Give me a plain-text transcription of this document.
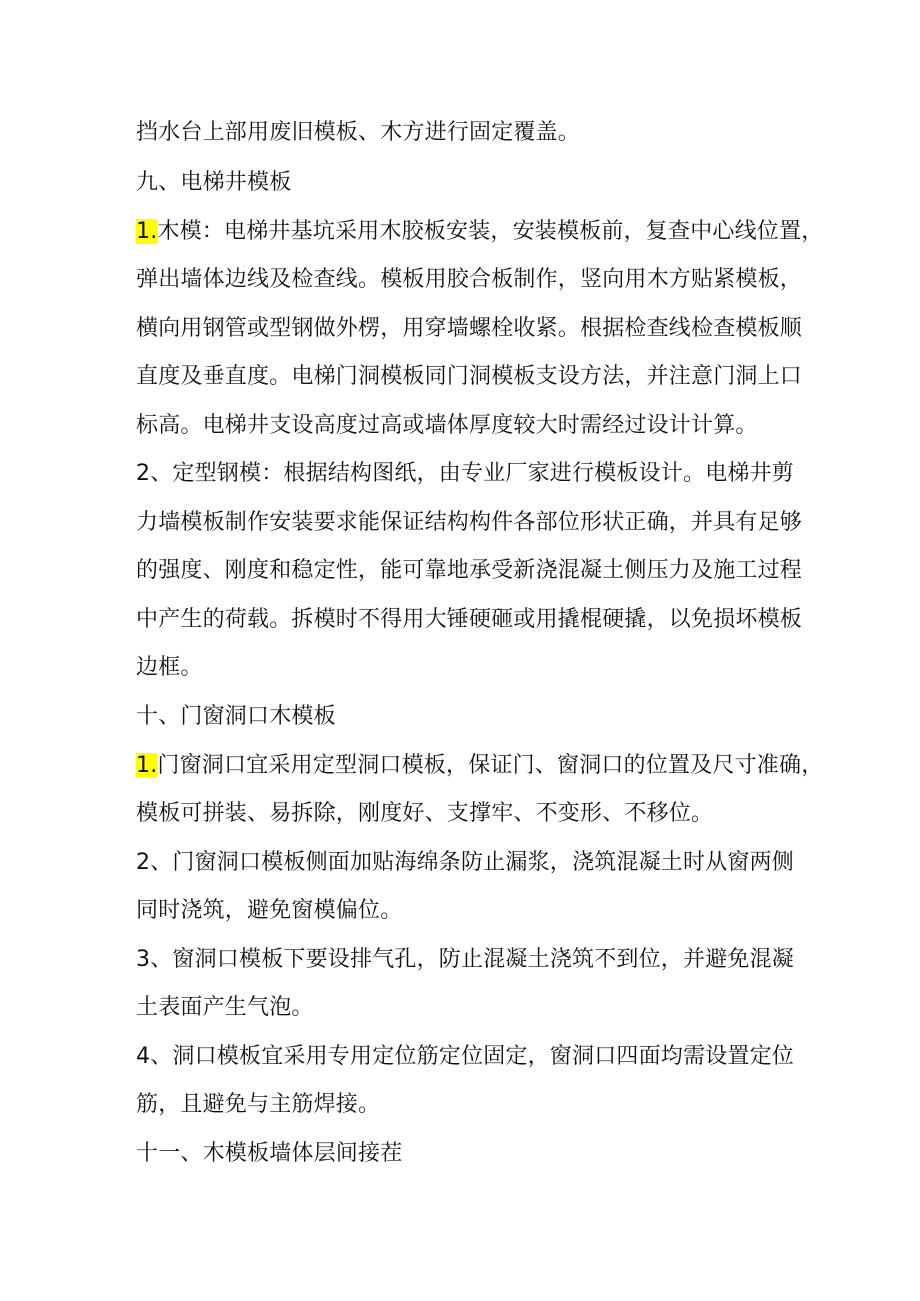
挡水台上部用废旧模板、木方进行固定覆盖。
九、电梯井模板
1.木模：电梯井基坑采用木胶板安装，安装模板前，复查中心线位置，
弹出墙体边线及检查线。模板用胶合板制作，竖向用木方贴紧模板，
横向用钢管或型钢做外楞，用穿墙螺栓收紧。根据检查线检查模板顺
直度及垂直度。电梯门洞模板同门洞模板支设方法，并注意门洞上口
标高。电梯井支设高度过高或墙体厚度较大时需经过设计计算。
2、定型钢模：根据结构图纸，由专业厂家进行模板设计。电梯井剪
力墙模板制作安装要求能保证结构构件各部位形状正确，并具有足够
的强度、刚度和稳定性，能可靠地承受新浇混凝土侧压力及施工过程
中产生的荷载。拆模时不得用大锤硬砸或用撬棍硬撬，以免损坏模板
边框。
十、门窗洞口木模板
1.门窗洞口宜采用定型洞口模板，保证门、窗洞口的位置及尺寸准确，
模板可拼装、易拆除，刚度好、支撑牢、不变形、不移位。
2、门窗洞口模板侧面加贴海绵条防止漏浆，浇筑混凝土时从窗两侧
同时浇筑，避免窗模偏位。
3、窗洞口模板下要设排气孔，防止混凝土浇筑不到位，并避免混凝
土表面产生气泡。
4、洞口模板宜采用专用定位筋定位固定，窗洞口四面均需设置定位
筋，且避免与主筋焊接。
十一、木模板墙体层间接茬
